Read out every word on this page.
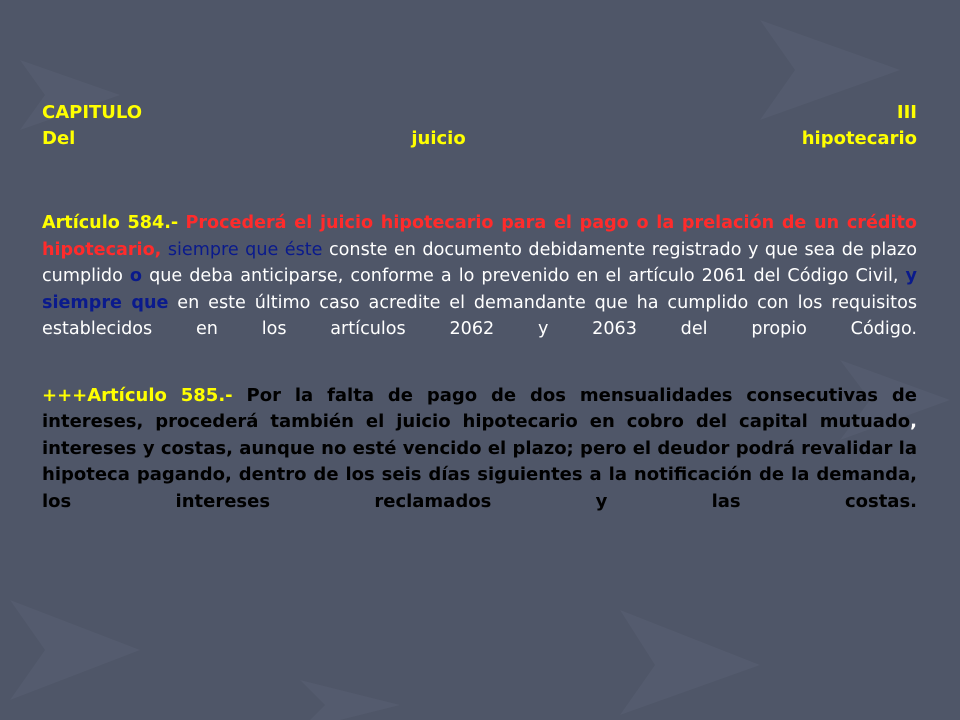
CAPITULO	III
Del	juicio	hipotecario

Artículo 584.- Procederá el juicio hipotecario para el pago o la prelación de un crédito hipotecario, siempre que éste conste en documento debidamente registrado y que sea de plazo cumplido o que deba anticiparse, conforme a lo prevenido en el artículo 2061 del Código Civil, y siempre que en este último caso acredite el demandante que ha cumplido con los requisitos establecidos en los artículos 2062 y 2063 del propio Código.

+++Artículo 585.- Por la falta de pago de dos mensualidades consecutivas de intereses, procederá también el juicio hipotecario en cobro del capital mutuado, intereses y costas, aunque no esté vencido el plazo; pero el deudor podrá revalidar la hipoteca pagando, dentro de los seis días siguientes a la notificación de la demanda, los intereses reclamados y las costas.
